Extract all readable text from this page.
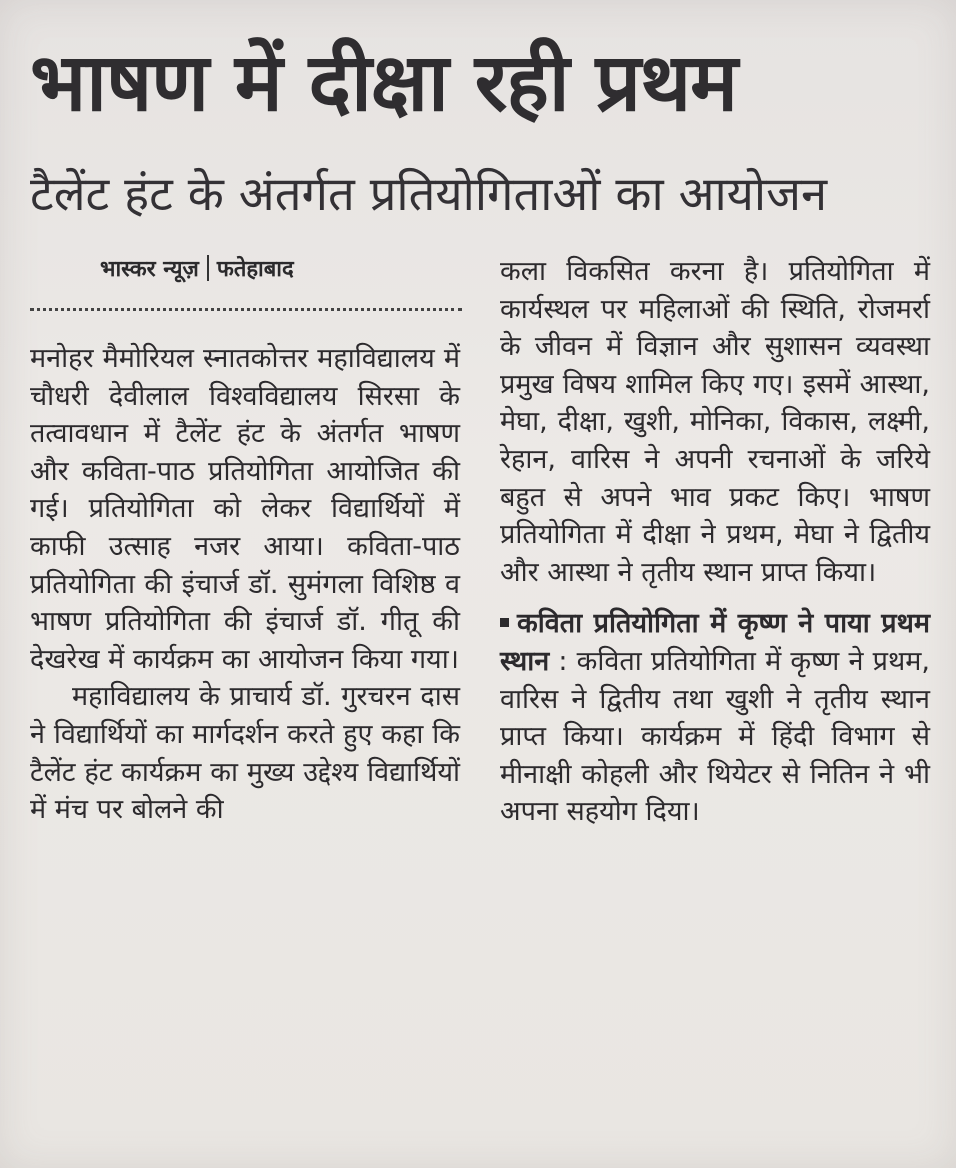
भाषण में दीक्षा रही प्रथम
टैलेंट हंट के अंतर्गत प्रतियोगिताओं का आयोजन
भास्कर न्यूज़ फतेहाबाद

मनोहर मैमोरियल स्नातकोत्तर महाविद्यालय में चौधरी देवीलाल विश्वविद्यालय सिरसा के तत्वावधान में टैलेंट हंट के अंतर्गत भाषण और कविता-पाठ प्रतियोगिता आयोजित की गई। प्रतियोगिता को लेकर विद्यार्थियों में काफी उत्साह नजर आया। कविता-पाठ प्रतियोगिता की इंचार्ज डॉ. सुमंगला विशिष्ठ व भाषण प्रतियोगिता की इंचार्ज डॉ. गीतू की देखरेख में कार्यक्रम का आयोजन किया गया।

महाविद्यालय के प्राचार्य डॉ. गुरचरन दास ने विद्यार्थियों का मार्गदर्शन करते हुए कहा कि टैलेंट हंट कार्यक्रम का मुख्य उद्देश्य विद्यार्थियों में मंच पर बोलने की

कला विकसित करना है। प्रतियोगिता में कार्यस्थल पर महिलाओं की स्थिति, रोजमर्रा के जीवन में विज्ञान और सुशासन व्यवस्था प्रमुख विषय शामिल किए गए। इसमें आस्था, मेघा, दीक्षा, खुशी, मोनिका, विकास, लक्ष्मी, रेहान, वारिस ने अपनी रचनाओं के जरिये बहुत से अपने भाव प्रकट किए। भाषण प्रतियोगिता में दीक्षा ने प्रथम, मेघा ने द्वितीय और आस्था ने तृतीय स्थान प्राप्त किया।

कविता प्रतियोगिता में कृष्ण ने पाया प्रथम स्थान : कविता प्रतियोगिता में कृष्ण ने प्रथम, वारिस ने द्वितीय तथा खुशी ने तृतीय स्थान प्राप्त किया। कार्यक्रम में हिंदी विभाग से मीनाक्षी कोहली और थियेटर से नितिन ने भी अपना सहयोग दिया।
